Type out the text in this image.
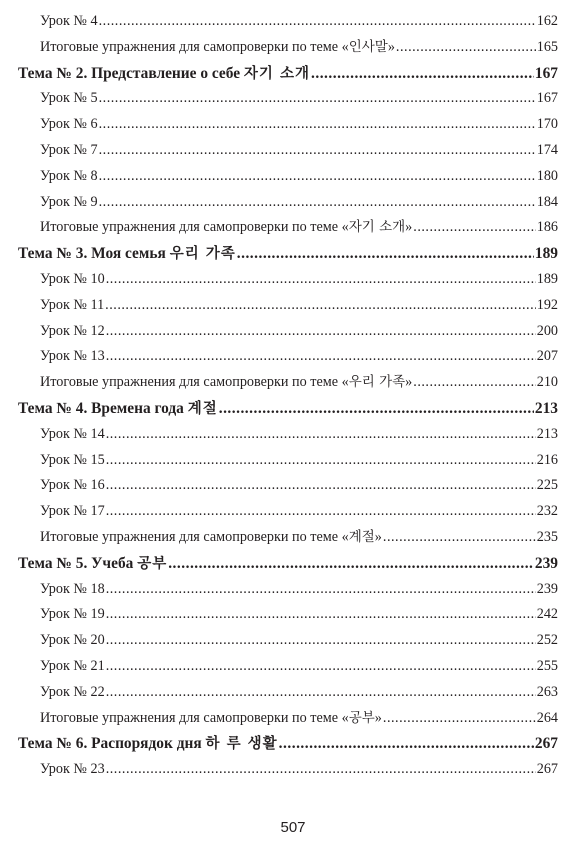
Урок № 4 .....	162
Итоговые упражнения для самопроверки по теме «인사말» .....	165
Тема № 2. Представление о себе 자기 소개 .....	167
Урок № 5 .....	167
Урок № 6 .....	170
Урок № 7 .....	174
Урок № 8 .....	180
Урок № 9 .....	184
Итоговые упражнения для самопроверки по теме «자기 소개» .....	186
Тема № 3. Моя семья 우리 가족 .....	189
Урок № 10 .....	189
Урок № 11 .....	192
Урок № 12 .....	200
Урок № 13 .....	207
Итоговые упражнения для самопроверки по теме «우리 가족» .....	210
Тема № 4. Времена года 계절 .....	213
Урок № 14 .....	213
Урок № 15 .....	216
Урок № 16 .....	225
Урок № 17 .....	232
Итоговые упражнения для самопроверки по теме «계절» .....	235
Тема № 5. Учеба 공부 .....	239
Урок № 18 .....	239
Урок № 19 .....	242
Урок № 20 .....	252
Урок № 21 .....	255
Урок № 22 .....	263
Итоговые упражнения для самопроверки по теме «공부» .....	264
Тема № 6. Распорядок дня 하 루 생활 .....	267
Урок № 23 .....	267
507
